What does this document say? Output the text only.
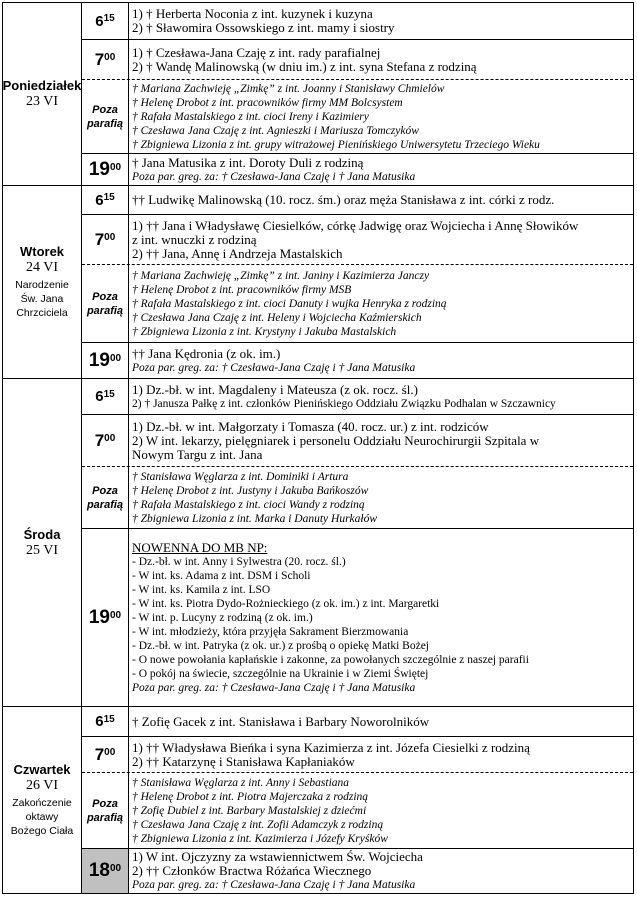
Poniedziałek
23 VI
$6^{15}$ 1) † Herberta Noconia z int. kuzynek i kuzyna
2) † Sławomira Ossowskiego z int. mamy i siostry
$7^{00}$ 1) † Czesława-Jana Czaję z int. rady parafialnej
2) † Wandę Malinowską (w dniu im.) z int. syna Stefana z rodziną
Poza
parafią
† Mariana Zachwieję „Zimkę” z int. Joanny i Stanisławy Chmielów
† Helenę Drobot z int. pracowników firmy MM Bolcsystem
† Rafała Mastalskiego z int. cioci Ireny i Kazimiery
† Czesława Jana Czaję z int. Agnieszki i Mariusza Tomczyków
† Zbigniewa Lizonia z int. grupy witrażowej Pienińskiego Uniwersytetu Trzeciego Wieku
$19^{00}$ † Jana Matusika z int. Doroty Duli z rodziną
Poza par. greg. za: † Czesława-Jana Czaję i † Jana Matusika
Wtorek
24 VI
Narodzenie
Św. Jana
Chrzciciela
$6^{15}$ †† Ludwikę Malinowską (10. rocz. śm.) oraz męża Stanisława z int. córki z rodz.
$7^{00}$
1) †† Jana i Władysławę Ciesielków, córkę Jadwigę oraz Wojciecha i Annę Słowików
z int. wnuczki z rodziną
2) †† Jana, Annę i Andrzeja Mastalskich
Poza
parafią
† Mariana Zachwieję „Zimkę” z int. Janiny i Kazimierza Janczy
† Helenę Drobot z int. pracowników firmy MSB
† Rafała Mastalskiego z int. cioci Danuty i wujka Henryka z rodziną
† Czesława Jana Czaję z int. Heleny i Wojciecha Kaźmierskich
† Zbigniewa Lizonia z int. Krystyny i Jakuba Mastalskich
$19^{00}$ †† Jana Kędronia (z ok. im.)
Poza par. greg. za: † Czesława-Jana Czaję i † Jana Matusika
Środa
25 VI
$6^{15}$ 1) Dz.-bł. w int. Magdaleny i Mateusza (z ok. rocz. śl.)
2) † Janusza Pałkę z int. członków Pienińskiego Oddziału Związku Podhalan w Szczawnicy
$7^{00}$
1) Dz.-bł. w int. Małgorzaty i Tomasza (40. rocz. ur.) z int. rodziców
2) W int. lekarzy, pielęgniarek i personelu Oddziału Neurochirurgii Szpitala w
Nowym Targu z int. Jana
Poza
parafią
† Stanisława Węglarza z int. Dominiki i Artura
† Helenę Drobot z int. Justyny i Jakuba Bańkoszów
† Rafała Mastalskiego z int. cioci Wandy z rodziną
† Zbigniewa Lizonia z int. Marka i Danuty Hurkałów
$19^{00}$
NOWENNA DO MB NP:
- Dz.-bł. w int. Anny i Sylwestra (20. rocz. śl.)
- W int. ks. Adama z int. DSM i Scholi
- W int. ks. Kamila z int. LSO
- W int. ks. Piotra Dydo-Rożnieckiego (z ok. im.) z int. Margaretki
- W int. p. Lucyny z rodziną (z ok. im.)
- W int. młodzieży, która przyjęła Sakrament Bierzmowania
- Dz.-bł. w int. Patryka (z ok. ur.) z prośbą o opiekę Matki Bożej
- O nowe powołania kapłańskie i zakonne, za powołanych szczególnie z naszej parafii
- O pokój na świecie, szczególnie na Ukrainie i w Ziemi Świętej
Poza par. greg. za: † Czesława-Jana Czaję i † Jana Matusika
Czwartek
26 VI
Zakończenie
oktawy
Bożego Ciała
$6^{15}$ † Zofię Gacek z int. Stanisława i Barbary Noworolników
$7^{00}$ 1) †† Władysława Bieńka i syna Kazimierza z int. Józefa Ciesielki z rodziną
2) †† Katarzynę i Stanisława Kapłaniaków
Poza
parafią
† Stanisława Węglarza z int. Anny i Sebastiana
† Helenę Drobot z int. Piotra Majerczaka z rodziną
† Zofię Dubiel z int. Barbary Mastalskiej z dziećmi
† Czesława Jana Czaję z int. Zofii Adamczyk z rodziną
† Zbigniewa Lizonia z int. Kazimierza i Józefy Kryśków
$18^{00}$
1) W int. Ojczyzny za wstawiennictwem Św. Wojciecha
2) †† Członków Bractwa Różańca Wiecznego
Poza par. greg. za: † Czesława-Jana Czaję i † Jana Matusika
